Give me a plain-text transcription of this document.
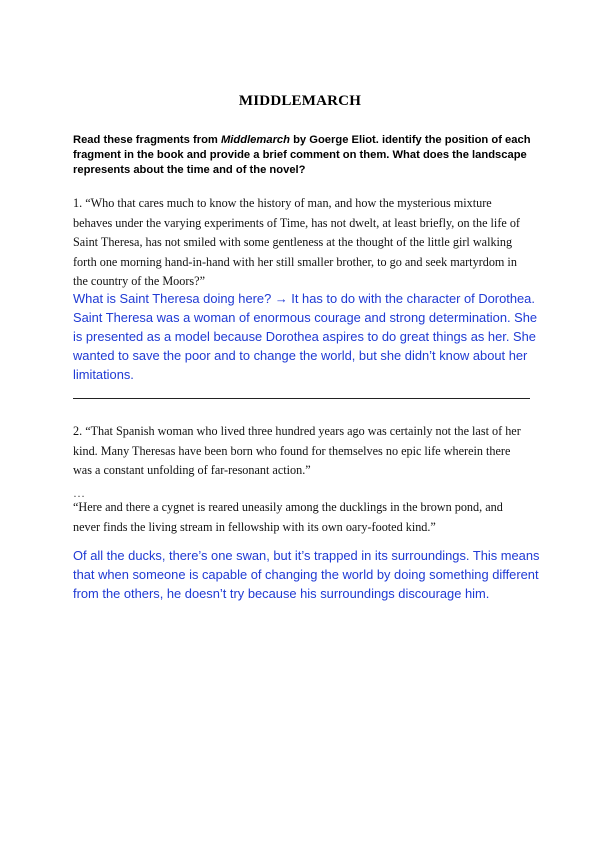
MIDDLEMARCH
Read these fragments from Middlemarch by Goerge Eliot. identify the position of each fragment in the book and provide a brief comment on them. What does the landscape represents about the time and of the novel?
1. “Who that cares much to know the history of man, and how the mysterious mixture behaves under the varying experiments of Time, has not dwelt, at least briefly, on the life of Saint Theresa, has not smiled with some gentleness at the thought of the little girl walking forth one morning hand-in-hand with her still smaller brother, to go and seek martyrdom in the country of the Moors?”
What is Saint Theresa doing here? → It has to do with the character of Dorothea. Saint Theresa was a woman of enormous courage and strong determination. She is presented as a model because Dorothea aspires to do great things as her. She wanted to save the poor and to change the world, but she didn’t know about her limitations.
2. “That Spanish woman who lived three hundred years ago was certainly not the last of her kind. Many Theresas have been born who found for themselves no epic life wherein there was a constant unfolding of far-resonant action.”
…
“Here and there a cygnet is reared uneasily among the ducklings in the brown pond, and never finds the living stream in fellowship with its own oary-footed kind.”
Of all the ducks, there’s one swan, but it’s trapped in its surroundings. This means that when someone is capable of changing the world by doing something different from the others, he doesn’t try because his surroundings discourage him.
